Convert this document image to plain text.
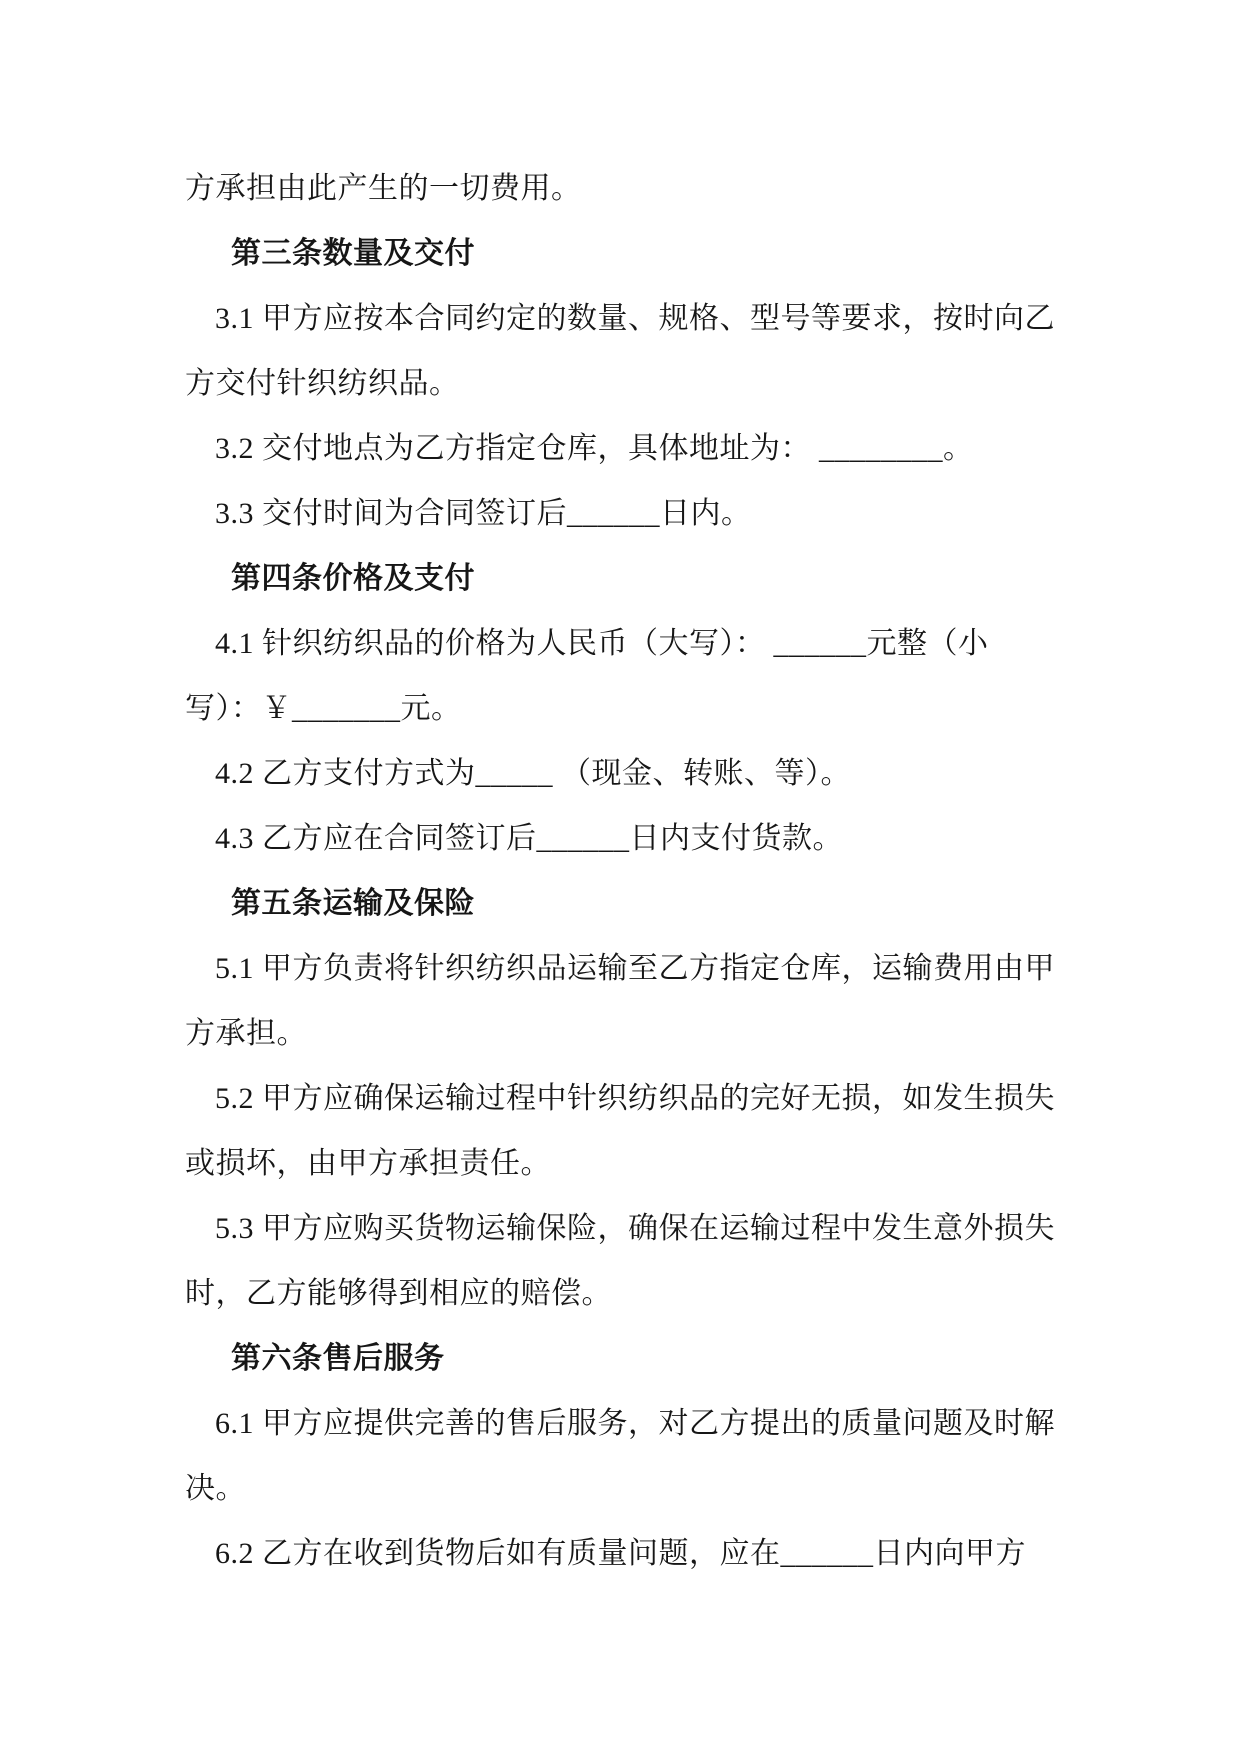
方承担由此产生的一切费用。
第三条数量及交付
3.1 甲方应按本合同约定的数量、规格、型号等要求，按时向乙
方交付针织纺织品。
3.2 交付地点为乙方指定仓库，具体地址为： ________。
3.3 交付时间为合同签订后______日内。
第四条价格及支付
4.1 针织纺织品的价格为人民币（大写）： ______元整（小
写）：￥_______元。
4.2 乙方支付方式为_____ （现金、转账、等）。
4.3 乙方应在合同签订后______日内支付货款。
第五条运输及保险
5.1 甲方负责将针织纺织品运输至乙方指定仓库，运输费用由甲
方承担。
5.2 甲方应确保运输过程中针织纺织品的完好无损，如发生损失
或损坏，由甲方承担责任。
5.3 甲方应购买货物运输保险，确保在运输过程中发生意外损失
时，乙方能够得到相应的赔偿。
第六条售后服务
6.1 甲方应提供完善的售后服务，对乙方提出的质量问题及时解
决。
6.2 乙方在收到货物后如有质量问题，应在______日内向甲方
